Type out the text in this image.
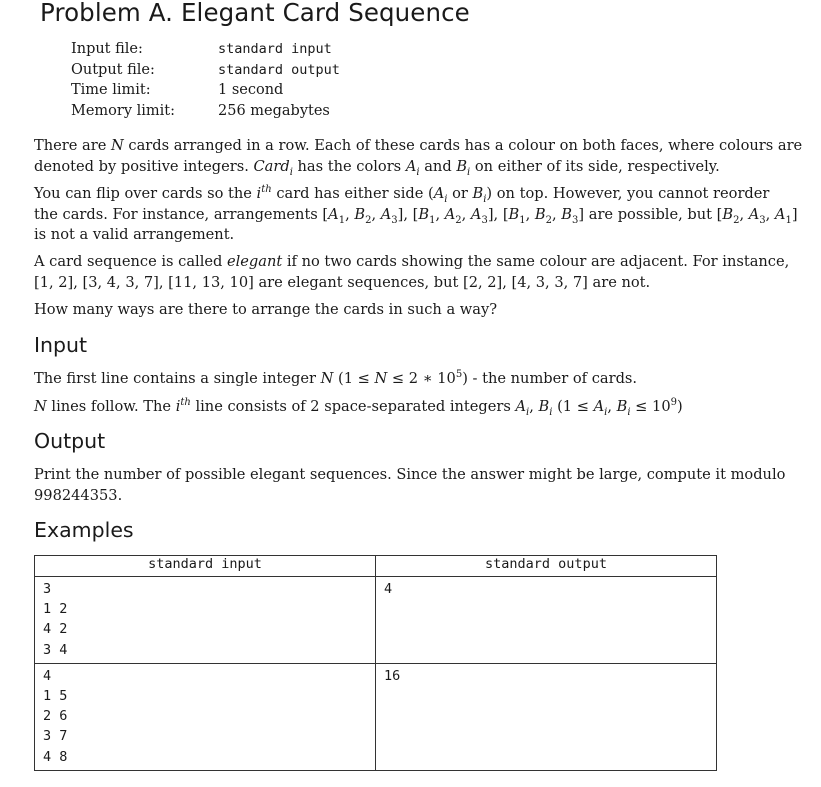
Problem A. Elegant Card Sequence
Input file:	standard input
Output file:	standard output
Time limit:	1 second
Memory limit:	256 megabytes
There are N cards arranged in a row. Each of these cards has a colour on both faces, where colours are
denoted by positive integers. Card$_i$ has the colors $A_i$ and $B_i$ on either of its side, respectively.
You can flip over cards so the $i^{th}$ card has either side ($A_i$ or $B_i$) on top. However, you cannot reorder
the cards. For instance, arrangements [$A_1$, $B_2$, $A_3$], [$B_1$, $A_2$, $A_3$], [$B_1$, $B_2$, $B_3$] are possible, but [$B_2$, $A_3$, $A_1$]
is not a valid arrangement.
A card sequence is called elegant if no two cards showing the same colour are adjacent. For instance,
[1, 2], [3, 4, 3, 7], [11, 13, 10] are elegant sequences, but [2, 2], [4, 3, 3, 7] are not.
How many ways are there to arrange the cards in such a way?
Input
The first line contains a single integer N (1 ≤ N ≤ 2 ∗ $10^5$) - the number of cards.
N lines follow. The $i^{th}$ line consists of 2 space-separated integers $A_i$, $B_i$ ($1 \le A_i$, $B_i \le 10^9$)
Output
Print the number of possible elegant sequences. Since the answer might be large, compute it modulo
998244353.
Examples
standard input	standard output

3
1 2
4 2
3 4	4

4
1 5
2 6
3 7
4 8	16
